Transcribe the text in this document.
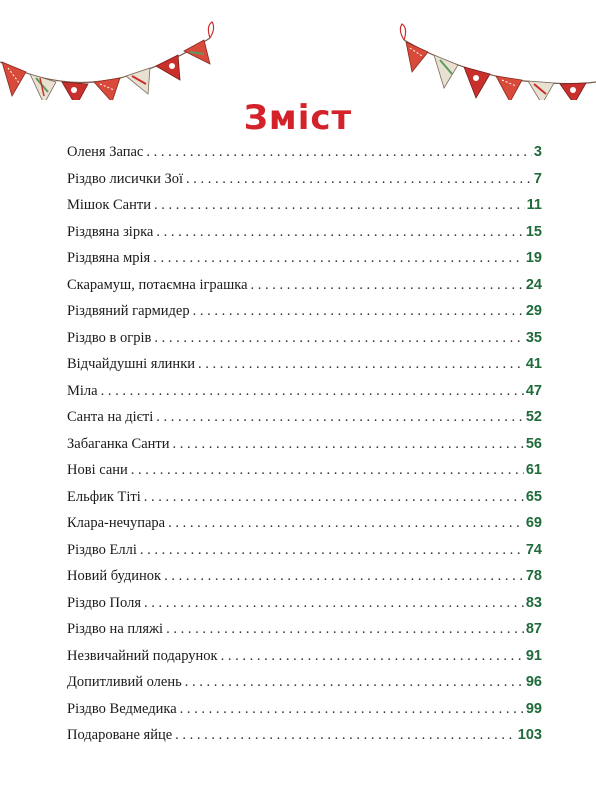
Зміст
Оленя Запас . . .	3
Різдво лисички Зої . . .	7
Мішок Санти . . .	11
Різдвяна зірка . . .	15
Різдвяна мрія . . .	19
Скарамуш, потаємна іграшка . . .	24
Різдвяний гармидер . . .	29
Різдво в огрів . . .	35
Відчайдушні ялинки . . .	41
Міла . . .	47
Санта на дієті . . .	52
Забаганка Санти . . .	56
Нові сани . . .	61
Ельфик Тіті . . .	65
Клара-нечупара . . .	69
Різдво Еллі . . .	74
Новий будинок . . .	78
Різдво Поля . . .	83
Різдво на пляжі . . .	87
Незвичайний подарунок . . .	91
Допитливий олень . . .	96
Різдво Ведмедика . . .	99
Подароване яйце . . .	103
